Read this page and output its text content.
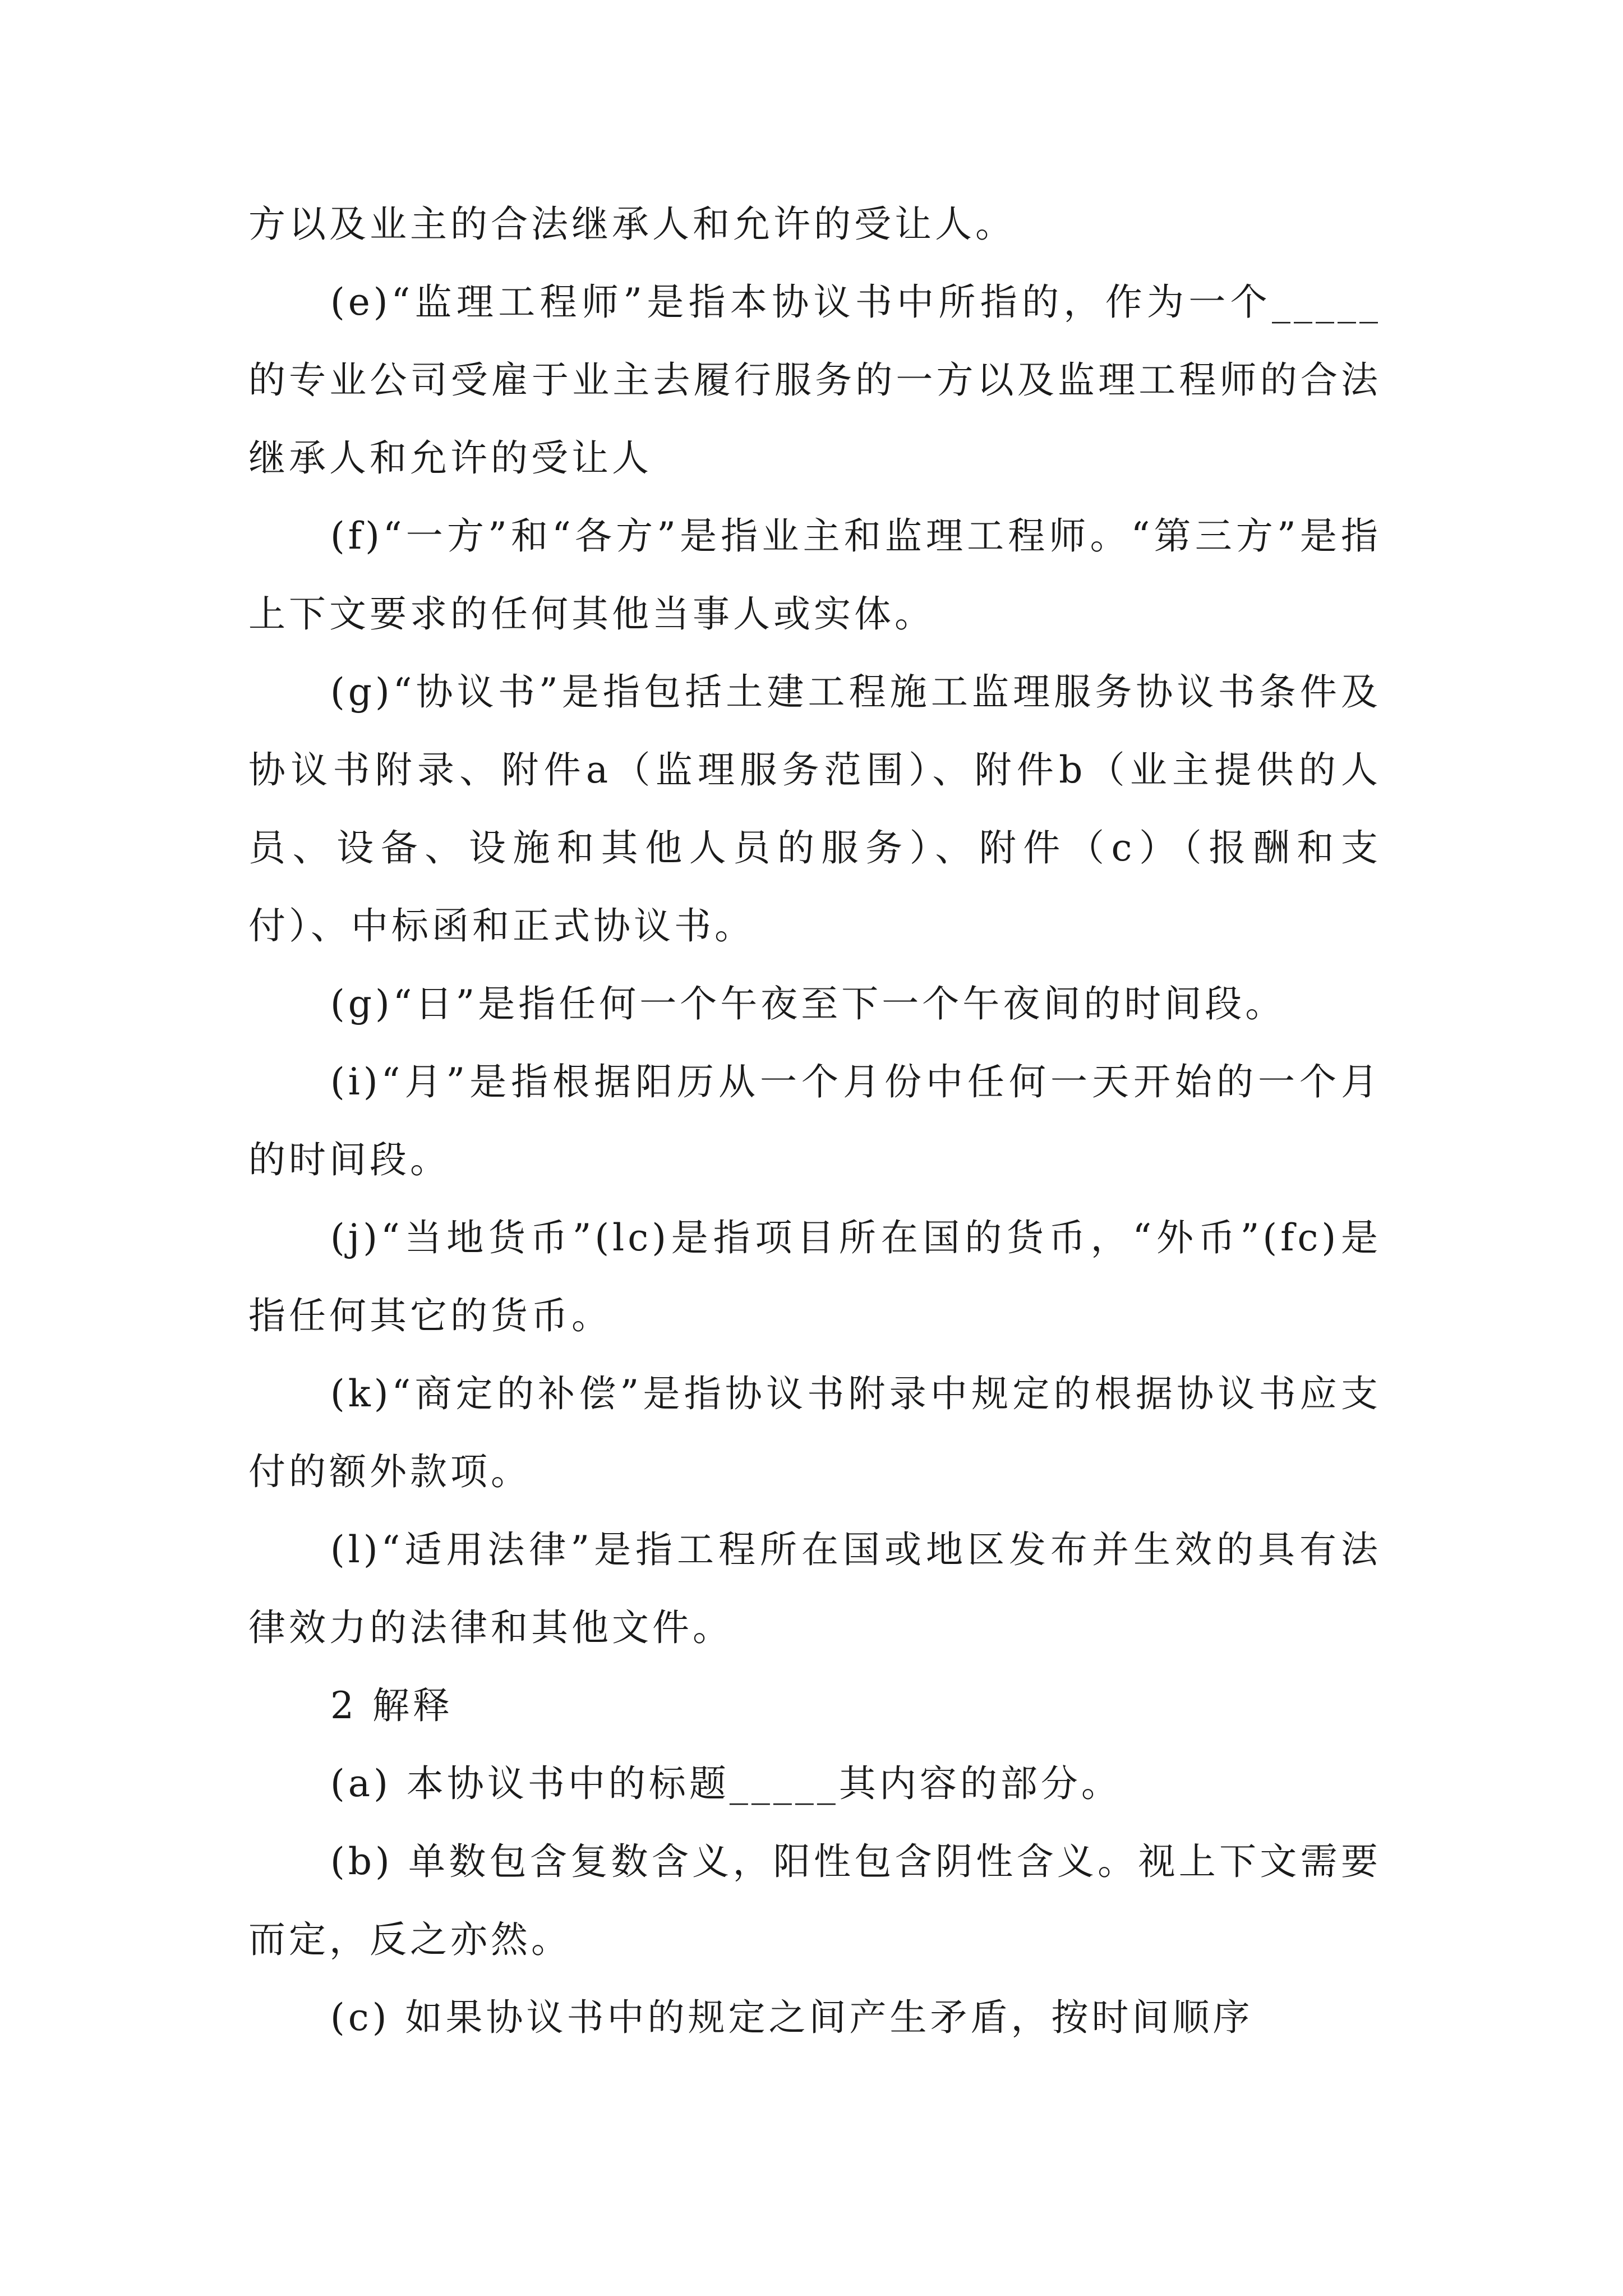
方以及业主的合法继承人和允许的受让人。

(e)“监理工程师”是指本协议书中所指的，作为一个_____的专业公司受雇于业主去履行服务的一方以及监理工程师的合法继承人和允许的受让人

(f)“一方”和“各方”是指业主和监理工程师。“第三方”是指上下文要求的任何其他当事人或实体。

(g)“协议书”是指包括土建工程施工监理服务协议书条件及协议书附录、附件a（监理服务范围）、附件b（业主提供的人员、设备、设施和其他人员的服务）、附件（c）（报酬和支付）、中标函和正式协议书。

(g)“日”是指任何一个午夜至下一个午夜间的时间段。

(i)“月”是指根据阳历从一个月份中任何一天开始的一个月的时间段。

(j)“当地货币”(lc)是指项目所在国的货币，“外币”(fc)是指任何其它的货币。

(k)“商定的补偿”是指协议书附录中规定的根据协议书应支付的额外款项。

(l)“适用法律”是指工程所在国或地区发布并生效的具有法律效力的法律和其他文件。

2 解释

(a) 本协议书中的标题_____其内容的部分。

(b) 单数包含复数含义，阳性包含阴性含义。视上下文需要而定，反之亦然。

(c) 如果协议书中的规定之间产生矛盾，按时间顺序
